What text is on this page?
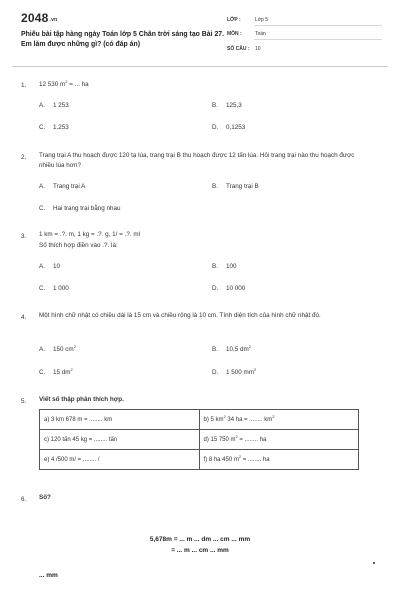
2048.vn
Phiếu bài tập hàng ngày Toán lớp 5 Chân trời sáng tạo Bài 27. Em làm được những gì? (có đáp án)
LỚP :	Lớp 5
MÔN :	Toán
SỐ CÂU :	10
1. 12 530 $m^2$ = ... ha
A. 1 253	B. 125,3
C. 1,253	D. 0,1253
2. Trang trại A thu hoạch được 120 tạ lúa, trang trại B thu hoạch được 12 tấn lúa. Hỏi trang trại nào thu hoạch được nhiều lúa hơn?
A. Trang trại A	B. Trang trại B
C. Hai trang trại bằng nhau
3. 1 km = .?. m, 1 kg = .?. g, 1/ = .?. ml
Số thích hợp điền vào .?. là:
A. 10	B. 100
C. 1 000	D. 10 000
4. Một hình chữ nhật có chiều dài là 15 cm và chiều rộng là 10 cm. Tính diện tích của hình chữ nhật đó.
A. 150 $cm^2$	B. 10,5 $dm^2$
C. 15 $dm^2$	D. 1 500 $mm^2$
5. Viết số thập phân thích hợp.
a) 3 km 678 m = ........ km	b) 5 $km^2$ 34 ha = ........ $km^2$
c) 120 tấn 45 kg = ........ tấn	d) 15 750 $m^2$ = ........ ha
e) 4 /500 m/ = ........ /	f) 8 ha 450 $m^2$ = ........ ha
6. Số?
5,678m = ... m ... dm ... cm ... mm
= ... m ... cm ... mm
... mm
